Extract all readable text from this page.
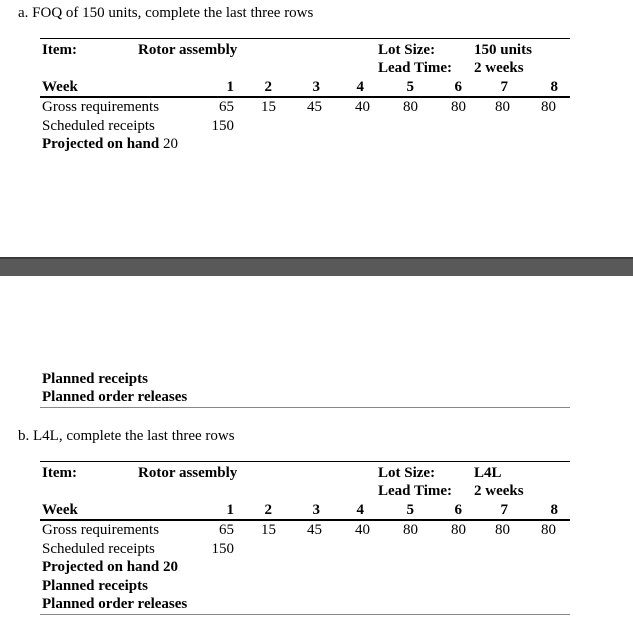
a. FOQ of 150 units, complete the last three rows
Item:	Rotor assembly	Lot Size:	150 units
Lead Time: 2 weeks
Week	1	2	3	4	5	6	7	8
Gross requirements	65	15	45	40	80	80	80	80
Scheduled receipts	150
Projected on hand 20
Planned receipts
Planned order releases
b. L4L, complete the last three rows
Item:	Rotor assembly	Lot Size:	L4L
Lead Time: 2 weeks
Week	1	2	3	4	5	6	7	8
Gross requirements	65	15	45	40	80	80	80	80
Scheduled receipts	150
Projected on hand 20
Planned receipts
Planned order releases
